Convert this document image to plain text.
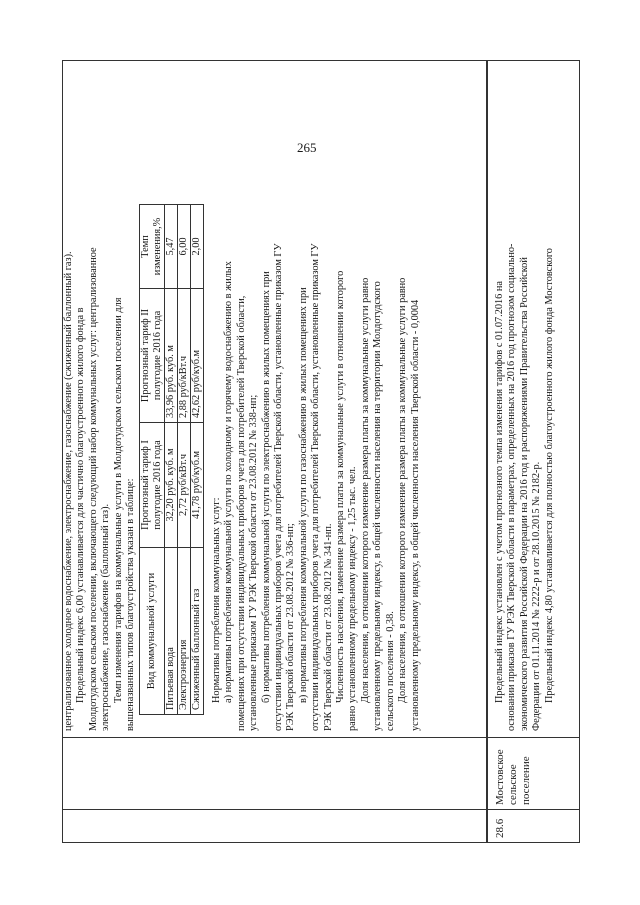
265

централизованное холодное водоснабжение, электроснабжение, газоснабжение (сжиженный баллонный газ). Предельный индекс 6,00 устанавливается для частично благоустроенного жилого фонда в Молдотудском сельском поселении, включающего следующий набор коммунальных услуг: централизованное электроснабжение, газоснабжение (баллонный газ). Темп изменения тарифов на коммунальные услуги в Молдотудском сельском поселении для вышеназванных типов благоустройства указан в таблице: Вид коммунальной услуги	Прогнозный тариф I полугодие 2016 года	Прогнозный тариф II полугодие 2016 года	Темп изменения,%
Питьевая вода	32,20 руб. куб. м	33,96 руб. куб. м	5,47
Электроэнергия	2,72 руб/кВт.ч	2,88 руб/кВт.ч	6,00
Сжиженный баллонный газ	41,78 руб/куб.м	42,62 руб/куб.м	2,00

Нормативы потребления коммунальных услуг: а) нормативы потребления коммунальной услуги по холодному и горячему водоснабжению в жилых помещениях при отсутствии индивидуальных приборов учета для потребителей Тверской области, установленные приказом ГУ РЭК Тверской области от 23.08.2012 № 338-нп; б) нормативы потребления коммунальной услуги по электроснабжению в жилых помещениях при отсутствии индивидуальных приборов учета для потребителей Тверской области, установленные приказом ГУ РЭК Тверской области от 23.08.2012 № 336-нп; в) нормативы потребления коммунальной услуги по газоснабжению в жилых помещениях при отсутствии индивидуальных приборов учета для потребителей Тверской области, установленные приказом ГУ РЭК Тверской области от 23.08.2012 № 341-нп. Численность населения, изменение размера платы за коммунальные услуги в отношении которого равно установленному предельному индексу - 1,25 тыс. чел. Доля населения, в отношении которого изменение размера платы за коммунальные услуги равно установленному предельному индексу, в общей численности населения на территории Молдотудского сельского поселения - 0,38. Доля населения, в отношении которого изменение размера платы за коммунальные услуги равно установленному предельному индексу, в общей численности населения Тверской области - 0,0004

28.6
Мостовское сельское поселение

Предельный индекс установлен с учетом прогнозного темпа изменения тарифов с 01.07.2016 на основании приказов ГУ РЭК Тверской области в параметрах, определенных на 2016 год прогнозом социально- экономического развития Российской Федерации на 2016 год и распоряжениями Правительства Российской Федерации от 01.11.2014 № 2222-р и от 28.10.2015 № 2182-р. Предельный индекс 4,80 устанавливается для полностью благоустроенного жилого фонда Мостовского
